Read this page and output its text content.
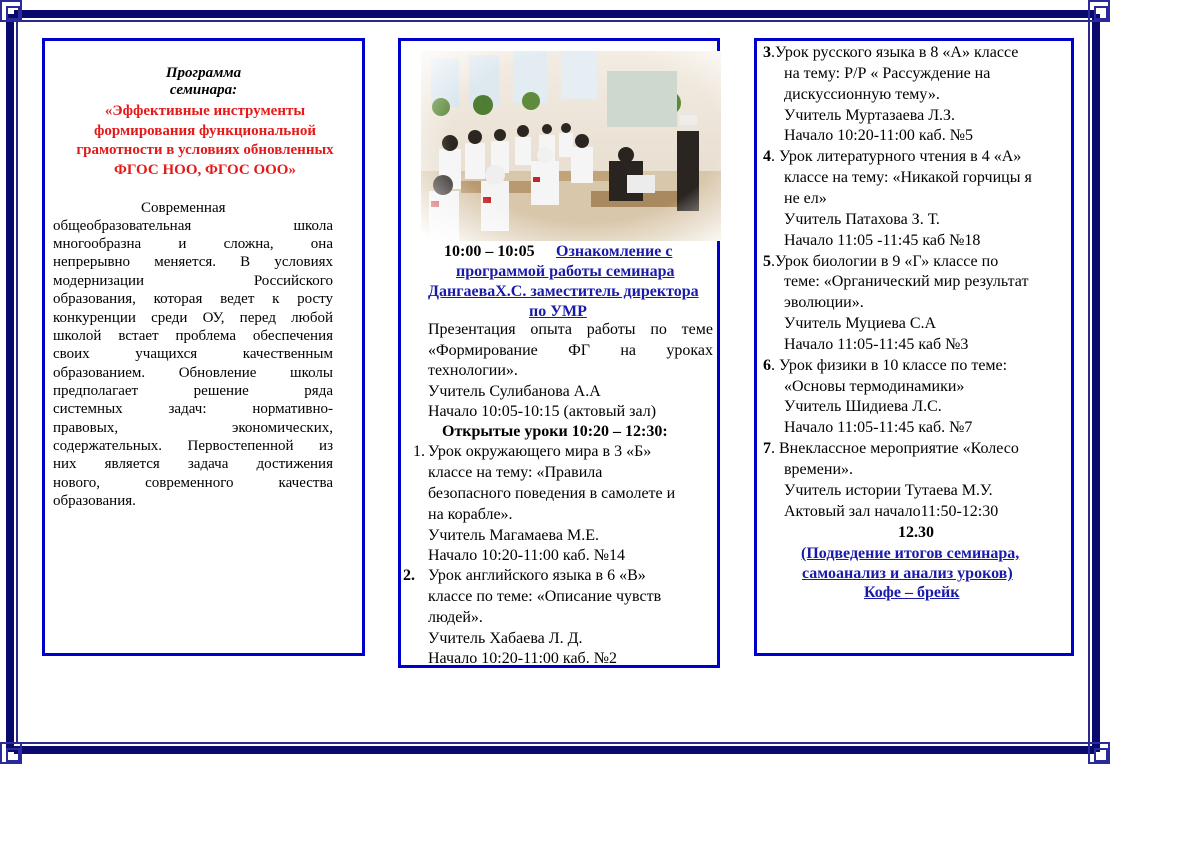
Программа
семинара:
«Эффективные инструменты
формирования функциональной
грамотности в условиях обновленных
ФГОС НОО, ФГОС ООО»
Современная
общеобразовательная школа
многообразна и сложна, она
непрерывно меняется. В условиях
модернизации Российского
образования, которая ведет к росту
конкуренции среди ОУ, перед любой
школой встает проблема обеспечения
своих учащихся качественным
образованием. Обновление школы
предполагает решение ряда
системных задач: нормативно-
правовых, экономических,
содержательных. Первостепенной из
них является задача достижения
нового, современного качества
образования.
10:00 – 10:05 Ознакомление с
программой работы семинара
ДангаеваХ.С. заместитель директора
по УМР
Презентация опыта работы по теме
«Формирование ФГ на уроках
технологии».
Учитель Сулибанова А.А
Начало 10:05-10:15 (актовый зал)
Открытые уроки 10:20 – 12:30:
1. Урок окружающего мира в 3 «Б»
классе на тему: «Правила
безопасного поведения в самолете и
на корабле».
Учитель Магамаева М.Е.
Начало 10:20-11:00 каб. №14
2. Урок английского языка в 6 «В»
классе по теме: «Описание чувств
людей».
Учитель Хабаева Л. Д.
Начало 10:20-11:00 каб. №2
3.Урок русского языка в 8 «А» классе
на тему: Р/Р « Рассуждение на
дискуссионную тему».
Учитель Муртазаева Л.З.
Начало 10:20-11:00 каб. №5
4. Урок литературного чтения в 4 «А»
классе на тему: «Никакой горчицы я
не ел»
Учитель Патахова З. Т.
Начало 11:05 -11:45 каб №18
5.Урок биологии в 9 «Г» классе по
теме: «Органический мир результат
эволюции».
Учитель Муциева С.А
Начало 11:05-11:45 каб №3
6. Урок физики в 10 классе по теме:
«Основы термодинамики»
Учитель Шидиева Л.С.
Начало 11:05-11:45 каб. №7
7. Внеклассное мероприятие «Колесо
времени».
Учитель истории Тутаева М.У.
Актовый зал начало11:50-12:30
12.30
(Подведение итогов семинара,
самоанализ и анализ уроков)
Кофе – брейк
